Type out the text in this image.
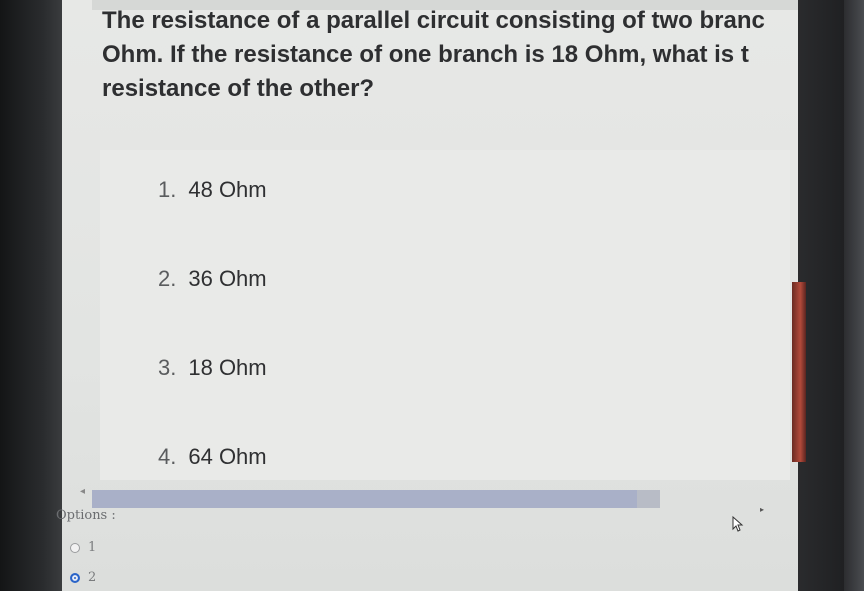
The resistance of a parallel circuit consisting of two branc
Ohm. If the resistance of one branch is 18 Ohm, what is t
resistance of the other?

1. 48 Ohm
2. 36 Ohm
3. 18 Ohm
4. 64 Ohm
◂
Options :
1
2
▸
